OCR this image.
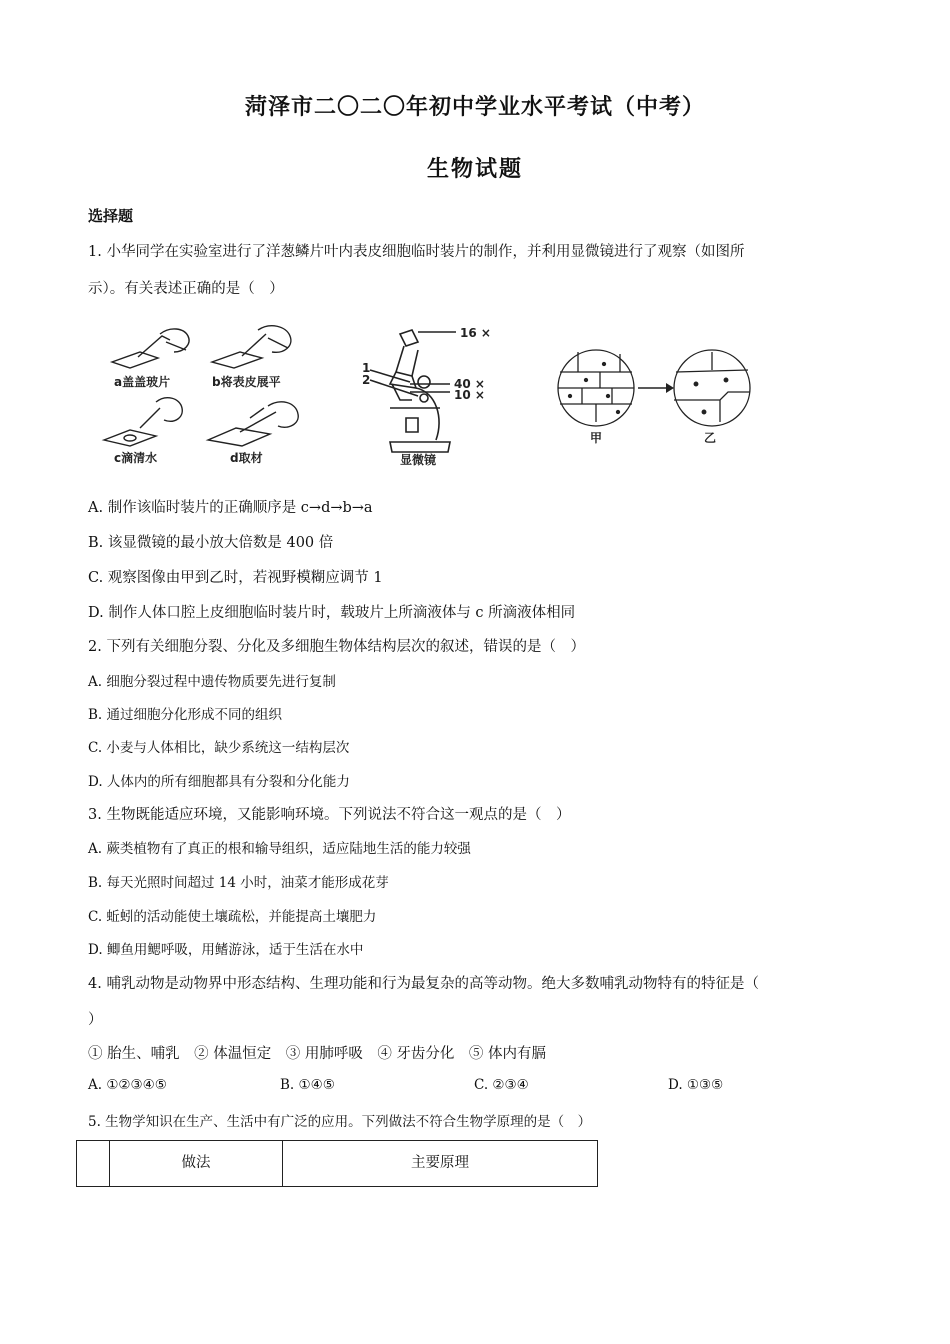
菏泽市二〇二〇年初中学业水平考试（中考）
生物试题
选择题
1. 小华同学在实验室进行了洋葱鳞片叶内表皮细胞临时装片的制作，并利用显微镜进行了观察（如图所
示）。有关表述正确的是（　）
a盖盖玻片	b将表皮展平
c滴清水	d取材
16 ×
40 ×
10 ×
1
2
显微镜
甲	乙
A. 制作该临时装片的正确顺序是 c→d→b→a
B. 该显微镜的最小放大倍数是 400 倍
C. 观察图像由甲到乙时，若视野模糊应调节 1
D. 制作人体口腔上皮细胞临时装片时，载玻片上所滴液体与 c 所滴液体相同
2. 下列有关细胞分裂、分化及多细胞生物体结构层次的叙述，错误的是（　）
A. 细胞分裂过程中遗传物质要先进行复制
B. 通过细胞分化形成不同的组织
C. 小麦与人体相比，缺少系统这一结构层次
D. 人体内的所有细胞都具有分裂和分化能力
3. 生物既能适应环境，又能影响环境。下列说法不符合这一观点的是（　）
A. 蕨类植物有了真正的根和输导组织，适应陆地生活的能力较强
B. 每天光照时间超过 14 小时，油菜才能形成花芽
C. 蚯蚓的活动能使土壤疏松，并能提高土壤肥力
D. 鲫鱼用鳃呼吸，用鳍游泳，适于生活在水中
4. 哺乳动物是动物界中形态结构、生理功能和行为最复杂的高等动物。绝大多数哺乳动物特有的特征是（
）
① 胎生、哺乳　② 体温恒定　③ 用肺呼吸　④ 牙齿分化　⑤ 体内有膈
A. ①②③④⑤	B. ①④⑤	C. ②③④	D. ①③⑤
5. 生物学知识在生产、生活中有广泛的应用。下列做法不符合生物学原理的是（　）
	做法	主要原理
